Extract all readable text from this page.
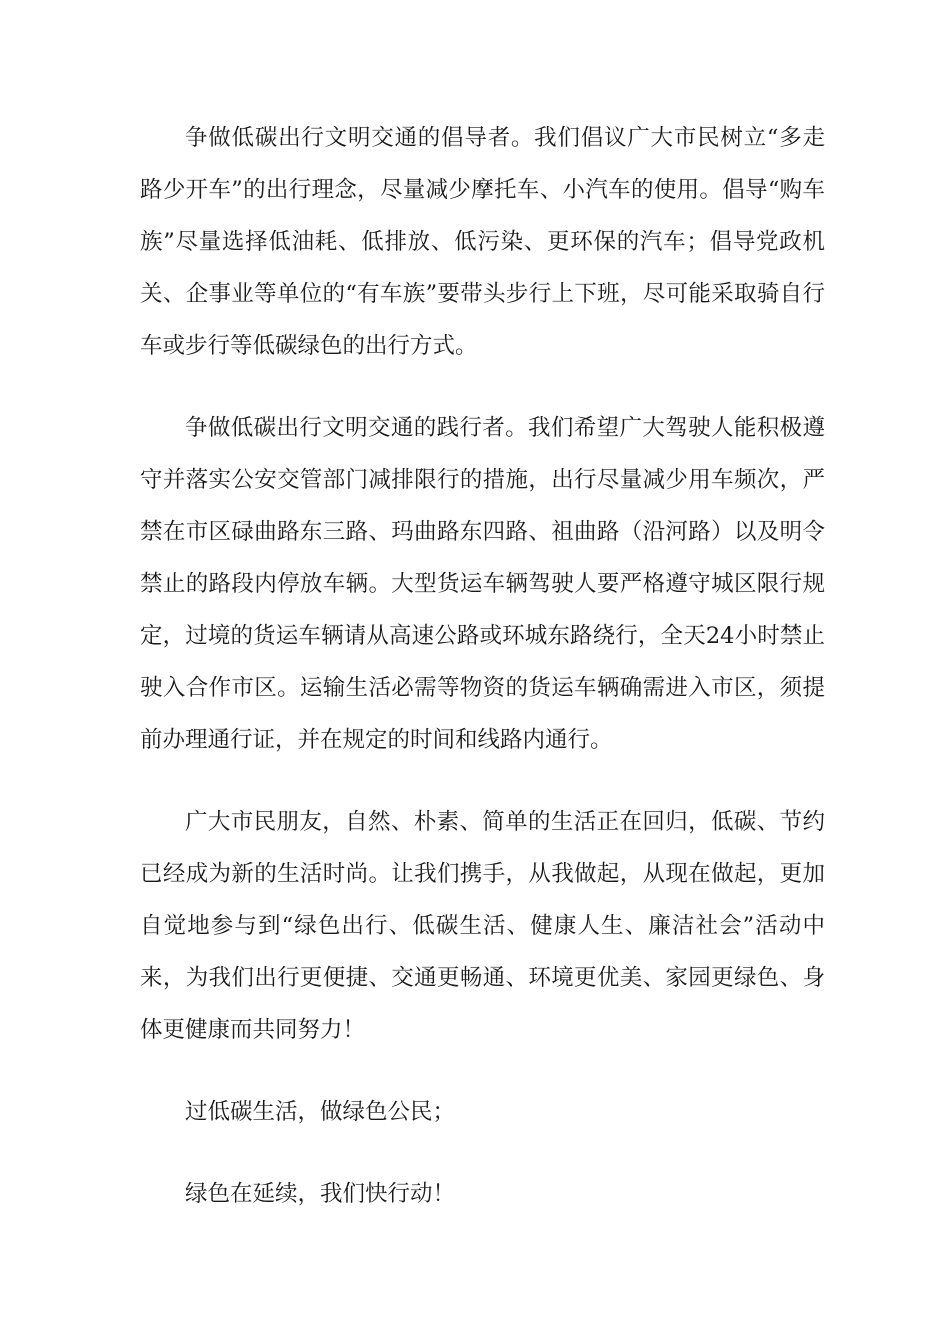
争做低碳出行文明交通的倡导者。我们倡议广大市民树立“多走路少开车”的出行理念，尽量减少摩托车、小汽车的使用。倡导“购车族”尽量选择低油耗、低排放、低污染、更环保的汽车；倡导党政机关、企事业等单位的“有车族”要带头步行上下班，尽可能采取骑自行车或步行等低碳绿色的出行方式。

争做低碳出行文明交通的践行者。我们希望广大驾驶人能积极遵守并落实公安交管部门减排限行的措施，出行尽量减少用车频次，严禁在市区碌曲路东三路、玛曲路东四路、祖曲路（沿河路）以及明令禁止的路段内停放车辆。大型货运车辆驾驶人要严格遵守城区限行规定，过境的货运车辆请从高速公路或环城东路绕行，全天24小时禁止驶入合作市区。运输生活必需等物资的货运车辆确需进入市区，须提前办理通行证，并在规定的时间和线路内通行。

广大市民朋友，自然、朴素、简单的生活正在回归，低碳、节约已经成为新的生活时尚。让我们携手，从我做起，从现在做起，更加自觉地参与到“绿色出行、低碳生活、健康人生、廉洁社会”活动中来，为我们出行更便捷、交通更畅通、环境更优美、家园更绿色、身体更健康而共同努力！

过低碳生活，做绿色公民；

绿色在延续，我们快行动！
